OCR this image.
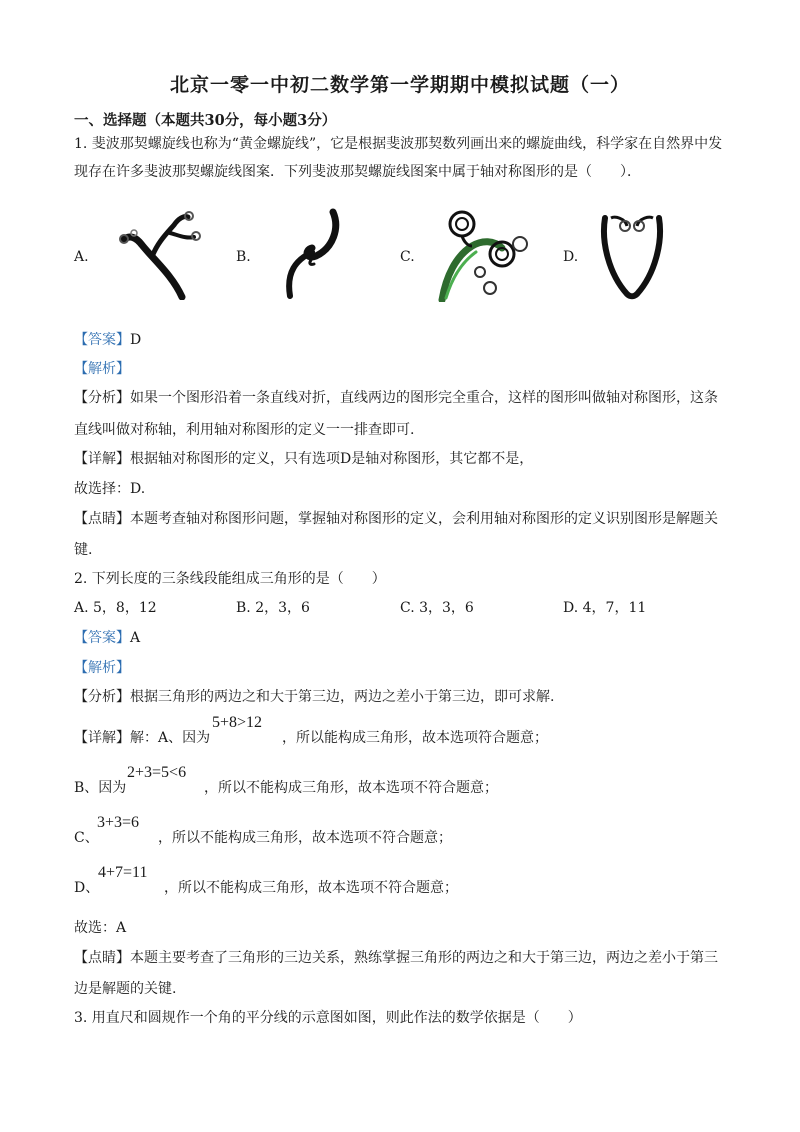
北京一零一中初二数学第一学期期中模拟试题（一）
一、选择题（本题共30分，每小题3分）
1. 斐波那契螺旋线也称为“黄金螺旋线”，它是根据斐波那契数列画出来的螺旋曲线，科学家在自然界中发
现存在许多斐波那契螺旋线图案．下列斐波那契螺旋线图案中属于轴对称图形的是（　　）．
A.	B.	C.	D.
【答案】D
【解析】
【分析】如果一个图形沿着一条直线对折，直线两边的图形完全重合，这样的图形叫做轴对称图形，这条
直线叫做对称轴，利用轴对称图形的定义一一排查即可.
【详解】根据轴对称图形的定义，只有选项D是轴对称图形，其它都不是，
故选择：D.
【点睛】本题考查轴对称图形问题，掌握轴对称图形的定义，会利用轴对称图形的定义识别图形是解题关
键.
2. 下列长度的三条线段能组成三角形的是（　　）
A. 5，8，12	B. 2，3，6	C. 3，3，6	D. 4，7，11
【答案】A
【解析】
【分析】根据三角形的两边之和大于第三边，两边之差小于第三边，即可求解.
【详解】解：A、因为
5+8>12
，所以能构成三角形，故本选项符合题意；
B、因为
2+3=5<6
，所以不能构成三角形，故本选项不符合题意；
C、
3+3=6
，所以不能构成三角形，故本选项不符合题意；
D、
4+7=11
，所以不能构成三角形，故本选项不符合题意；
故选：A
【点睛】本题主要考查了三角形的三边关系，熟练掌握三角形的两边之和大于第三边，两边之差小于第三
边是解题的关键.
3. 用直尺和圆规作一个角的平分线的示意图如图，则此作法的数学依据是（　　）
